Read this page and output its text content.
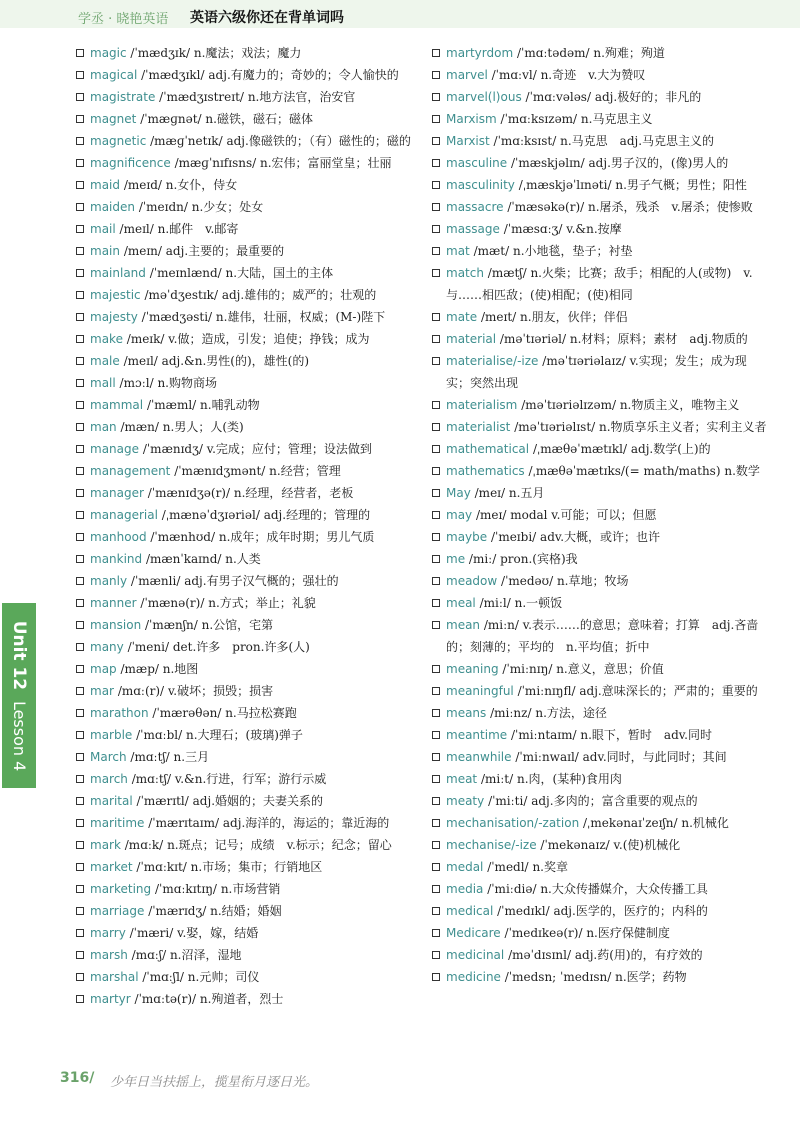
学丞 · 晓艳英语 英语六级你还在背单词吗
magic /ˈmædʒɪk/ n.魔法；戏法；魔力
magical /ˈmædʒɪkl/ adj.有魔力的；奇妙的；令人愉快的
magistrate /ˈmædʒɪstreɪt/ n.地方法官，治安官
magnet /ˈmæɡnət/ n.磁铁，磁石；磁体
magnetic /mæɡˈnetɪk/ adj.像磁铁的；（有）磁性的；磁的
magnificence /mæɡˈnɪfɪsns/ n.宏伟；富丽堂皇；壮丽
maid /meɪd/ n.女仆，侍女
maiden /ˈmeɪdn/ n.少女；处女
mail /meɪl/ n.邮件　v.邮寄
main /meɪn/ adj.主要的；最重要的
mainland /ˈmeɪnlænd/ n.大陆，国土的主体
majestic /məˈdʒestɪk/ adj.雄伟的；威严的；壮观的
majesty /ˈmædʒəsti/ n.雄伟，壮丽，权威；(M-)陛下
make /meɪk/ v.做；造成，引发；追使；挣钱；成为
male /meɪl/ adj.&n.男性(的)，雄性(的)
mall /mɔːl/ n.购物商场
mammal /ˈmæml/ n.哺乳动物
man /mæn/ n.男人；人(类)
manage /ˈmænɪdʒ/ v.完成；应付；管理；设法做到
management /ˈmænɪdʒmənt/ n.经营；管理
manager /ˈmænɪdʒə(r)/ n.经理，经营者，老板
managerial /ˌmænəˈdʒɪəriəl/ adj.经理的；管理的
manhood /ˈmænhʊd/ n.成年；成年时期；男儿气质
mankind /mænˈkaɪnd/ n.人类
manly /ˈmænli/ adj.有男子汉气概的；强壮的
manner /ˈmænə(r)/ n.方式；举止；礼貌
mansion /ˈmænʃn/ n.公馆，宅第
many /ˈmeni/ det.许多　pron.许多(人)
map /mæp/ n.地图
mar /mɑː(r)/ v.破坏；损毁；损害
marathon /ˈmærəθən/ n.马拉松赛跑
marble /ˈmɑːbl/ n.大理石；(玻璃)弹子
March /mɑːtʃ/ n.三月
march /mɑːtʃ/ v.&n.行进，行军；游行示威
marital /ˈmærɪtl/ adj.婚姻的；夫妻关系的
maritime /ˈmærɪtaɪm/ adj.海洋的，海运的；靠近海的
mark /mɑːk/ n.斑点；记号；成绩　v.标示；纪念；留心
market /ˈmɑːkɪt/ n.市场；集市；行销地区
marketing /ˈmɑːkɪtɪŋ/ n.市场营销
marriage /ˈmærɪdʒ/ n.结婚；婚姻
marry /ˈmæri/ v.娶，嫁，结婚
marsh /mɑːʃ/ n.沼泽，湿地
marshal /ˈmɑːʃl/ n.元帅；司仪
martyr /ˈmɑːtə(r)/ n.殉道者，烈士
martyrdom /ˈmɑːtədəm/ n.殉难；殉道
marvel /ˈmɑːvl/ n.奇迹　v.大为赞叹
marvel(l)ous /ˈmɑːvələs/ adj.极好的；非凡的
Marxism /ˈmɑːksɪzəm/ n.马克思主义
Marxist /ˈmɑːksɪst/ n.马克思　adj.马克思主义的
masculine /ˈmæskjəlɪn/ adj.男子汉的，(像)男人的
masculinity /ˌmæskjəˈlɪnəti/ n.男子气概；男性；阳性
massacre /ˈmæsəkə(r)/ n.屠杀，残杀　v.屠杀；使惨败
massage /ˈmæsɑːʒ/ v.&n.按摩
mat /mæt/ n.小地毯，垫子；衬垫
match /mætʃ/ n.火柴；比赛；敌手；相配的人(或物)　v.与……相匹敌；(使)相配；(使)相同
mate /meɪt/ n.朋友，伙伴；伴侣
material /məˈtɪəriəl/ n.材料；原料；素材　adj.物质的
materialise/-ize /məˈtɪəriəlaɪz/ v.实现；发生；成为现实；突然出现
materialism /məˈtɪəriəlɪzəm/ n.物质主义，唯物主义
materialist /məˈtɪəriəlɪst/ n.物质享乐主义者；实利主义者
mathematical /ˌmæθəˈmætɪkl/ adj.数学(上)的
mathematics /ˌmæθəˈmætɪks/(= math/maths) n.数学
May /meɪ/ n.五月
may /meɪ/ modal v.可能；可以；但愿
maybe /ˈmeɪbi/ adv.大概，或许；也许
me /miː/ pron.(宾格)我
meadow /ˈmedəʊ/ n.草地；牧场
meal /miːl/ n.一顿饭
mean /miːn/ v.表示……的意思；意味着；打算　adj.吝啬的；刻薄的；平均的　n.平均值；折中
meaning /ˈmiːnɪŋ/ n.意义，意思；价值
meaningful /ˈmiːnɪŋfl/ adj.意味深长的；严肃的；重要的
means /miːnz/ n.方法，途径
meantime /ˈmiːntaɪm/ n.眼下，暂时　adv.同时
meanwhile /ˈmiːnwaɪl/ adv.同时，与此同时；其间
meat /miːt/ n.肉，(某种)食用肉
meaty /ˈmiːti/ adj.多肉的；富含重要的观点的
mechanisation/-zation /ˌmekənaɪˈzeɪʃn/ n.机械化
mechanise/-ize /ˈmekənaɪz/ v.(使)机械化
medal /ˈmedl/ n.奖章
media /ˈmiːdiə/ n.大众传播媒介，大众传播工具
medical /ˈmedɪkl/ adj.医学的，医疗的；内科的
Medicare /ˈmedɪkeə(r)/ n.医疗保健制度
medicinal /məˈdɪsɪnl/ adj.药(用)的，有疗效的
medicine /ˈmedsn; ˈmedɪsn/ n.医学；药物
Unit 12  Lesson 4
316/ 少年日当扶摇上，揽星衔月逐日光。
